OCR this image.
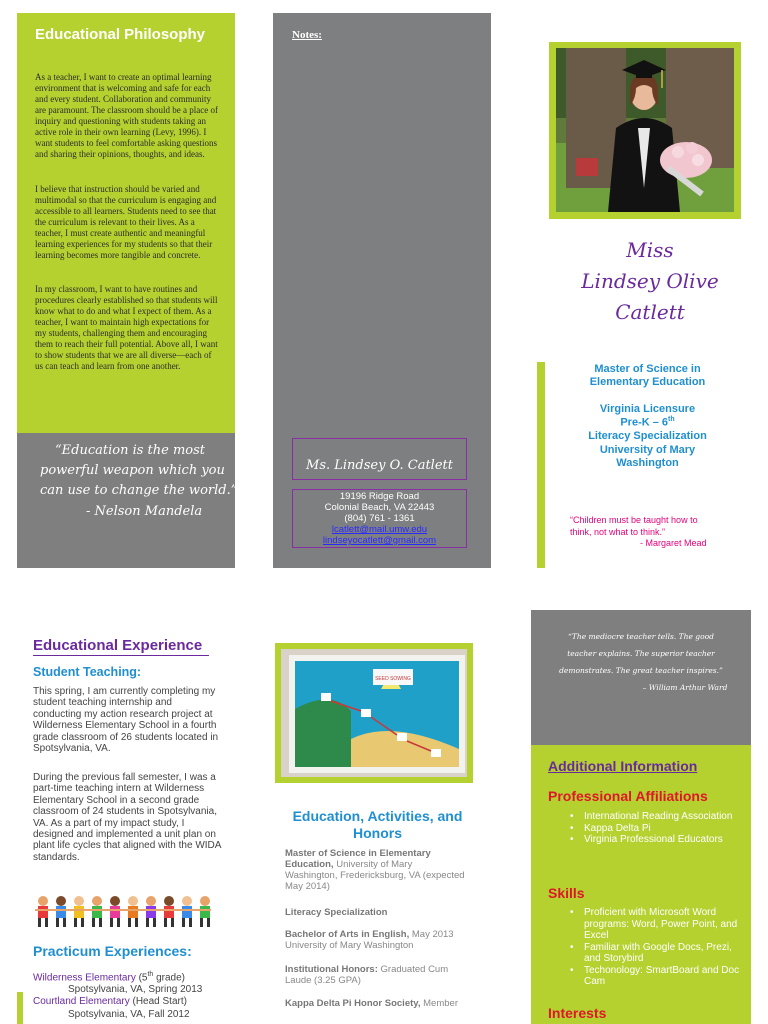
Educational Philosophy

As a teacher, I want to create an optimal learning environment that is welcoming and safe for each and every student. Collaboration and community are paramount. The classroom should be a place of inquiry and questioning with students taking an active role in their own learning (Levy, 1996). I want students to feel comfortable asking questions and sharing their opinions, thoughts, and ideas.

I believe that instruction should be varied and multimodal so that the curriculum is engaging and accessible to all learners. Students need to see that the curriculum is relevant to their lives. As a teacher, I must create authentic and meaningful learning experiences for my students so that their learning becomes more tangible and concrete.

In my classroom, I want to have routines and procedures clearly established so that students will know what to do and what I expect of them. As a teacher, I want to maintain high expectations for my students, challenging them and encouraging them to reach their full potential. Above all, I want to show students that we are all diverse—each of us can teach and learn from one another.

“Education is the most
powerful weapon which you
can use to change the world.”
- Nelson Mandela
Notes:
Ms. Lindsey O. Catlett
19196 Ridge Road
Colonial Beach, VA 22443
(804) 761 - 1361
lcatlett@mail.umw.edu
lindseyocatlett@gmail.com
Miss
Lindsey Olive
Catlett
Master of Science in
Elementary Education
Virginia Licensure
Pre-K – 6th
Literacy Specialization
University of Mary
Washington
“Children must be taught how to
think, not what to think.”
- Margaret Mead
Educational Experience
Student Teaching:

This spring, I am currently completing my student teaching internship and conducting my action research project at Wilderness Elementary School in a fourth grade classroom of 26 students located in Spotsylvania, VA.

During the previous fall semester, I was a part-time teaching intern at Wilderness Elementary School in a second grade classroom of 24 students in Spotsylvania, VA. As a part of my impact study, I designed and implemented a unit plan on plant life cycles that aligned with the WIDA standards.

Practicum Experiences:
Wilderness Elementary (5th grade)
Spotsylvania, VA, Spring 2013
Courtland Elementary (Head Start)
Spotsylvania, VA, Fall 2012
SEED SOWING
Education, Activities, and
Honors

Master of Science in Elementary Education, University of Mary Washington, Fredericksburg, VA (expected May 2014)

Literacy Specialization

Bachelor of Arts in English, May 2013 University of Mary Washington

Institutional Honors: Graduated Cum Laude (3.25 GPA)

Kappa Delta Pi Honor Society, Member

“The mediocre teacher tells. The good
teacher explains. The superior teacher
demonstrates. The great teacher inspires.”
– William Arthur Ward
Additional Information
Professional Affiliations
• International Reading Association
• Kappa Delta Pi
• Virginia Professional Educators
Skills
• Proficient with Microsoft Word programs: Word, Power Point, and Excel
• Familiar with Google Docs, Prezi, and Storybird
• Techonology: SmartBoard and Doc Cam
Interests
